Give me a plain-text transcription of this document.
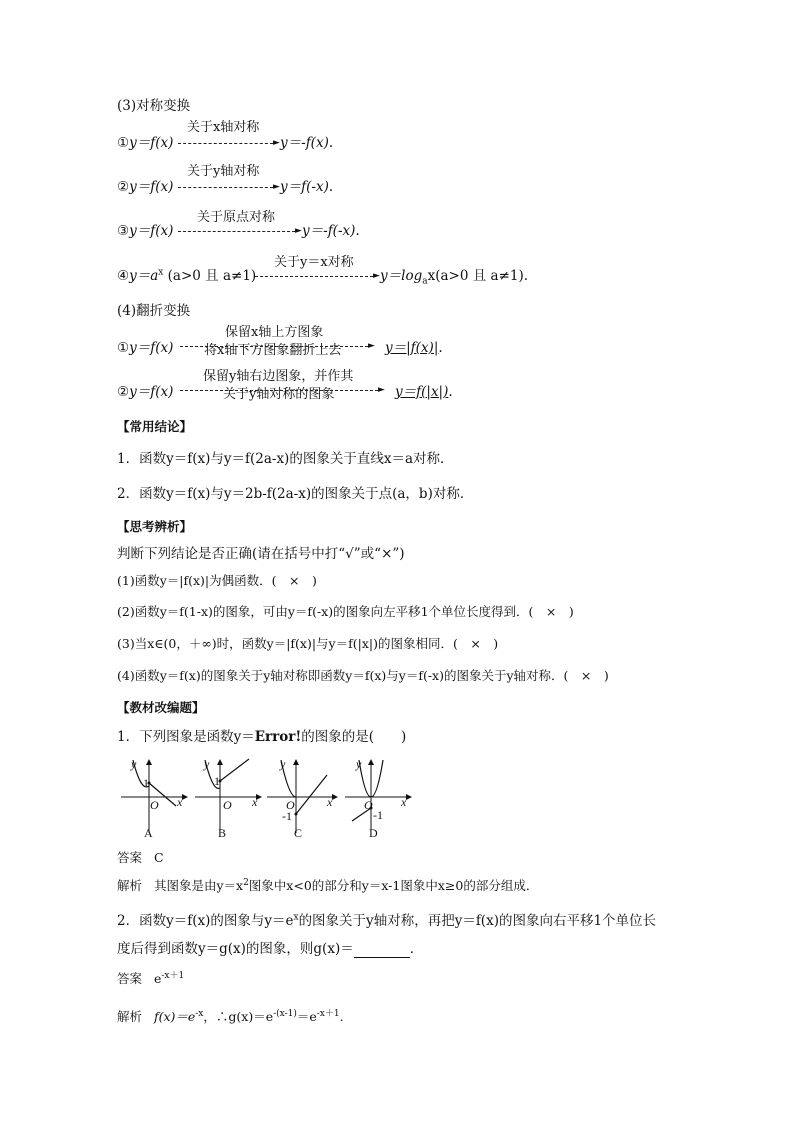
(3)对称变换
①y＝f(x)
关于x轴对称
► y＝-f(x).
②y＝f(x)
关于y轴对称
► y＝f(-x).
③y＝f(x)
关于原点对称
► y＝-f(-x).
$④y=a^x$ (a>0 且 a≠1)
关于y＝x对称
► $y=\log_ax(a>0$ 且 a≠1).
(4)翻折变换
①y＝f(x)
保留x轴上方图象
将x轴下方图象翻折上去	► y＝|f(x)|.
②y＝f(x)
保留y轴右边图象，并作其
关于y轴对称的图象	► y＝f(|x|).
【常用结论】
1．函数y＝f(x)与y＝f(2a-x)的图象关于直线x＝a对称．
2．函数y＝f(x)与y＝2b-f(2a-x)的图象关于点(a，b)对称．
【思考辨析】
判断下列结论是否正确(请在括号中打“√”或“×”)
(1)函数y＝|f(x)|为偶函数．(　×　)
(2)函数y＝f(1-x)的图象，可由y＝f(-x)的图象向左平移1个单位长度得到．(　×　)
(3)当x∈(0，＋∞)时，函数y＝|f(x)|与y＝f(|x|)的图象相同．(　×　)
(4)函数y＝f(x)的图象关于y轴对称即函数y＝f(x)与y＝f(-x)的图象关于y轴对称．(　×　)
【教材改编题】
1．下列图象是函数y＝Error!的图象的是(　　)
y
1
O x
A
y
1
O x
B
y
O	x
-1
C
y
O x
-1
D
答案 C
解析 其图象是由$y=x^2$图象中x<0的部分和y＝x-1图象中x≥0的部分组成．
2．函数y＝f(x)的图象与$y=e^x$的图象关于y轴对称，再把y＝f(x)的图象向右平移1个单位长
度后得到函数y＝g(x)的图象，则g(x)＝	．
答案 $e^{-x+1}$
解析 $f(x)=e^{-x}$，$\therefore g(x)=e^{-(x-1)}=e^{-x+1}$.
